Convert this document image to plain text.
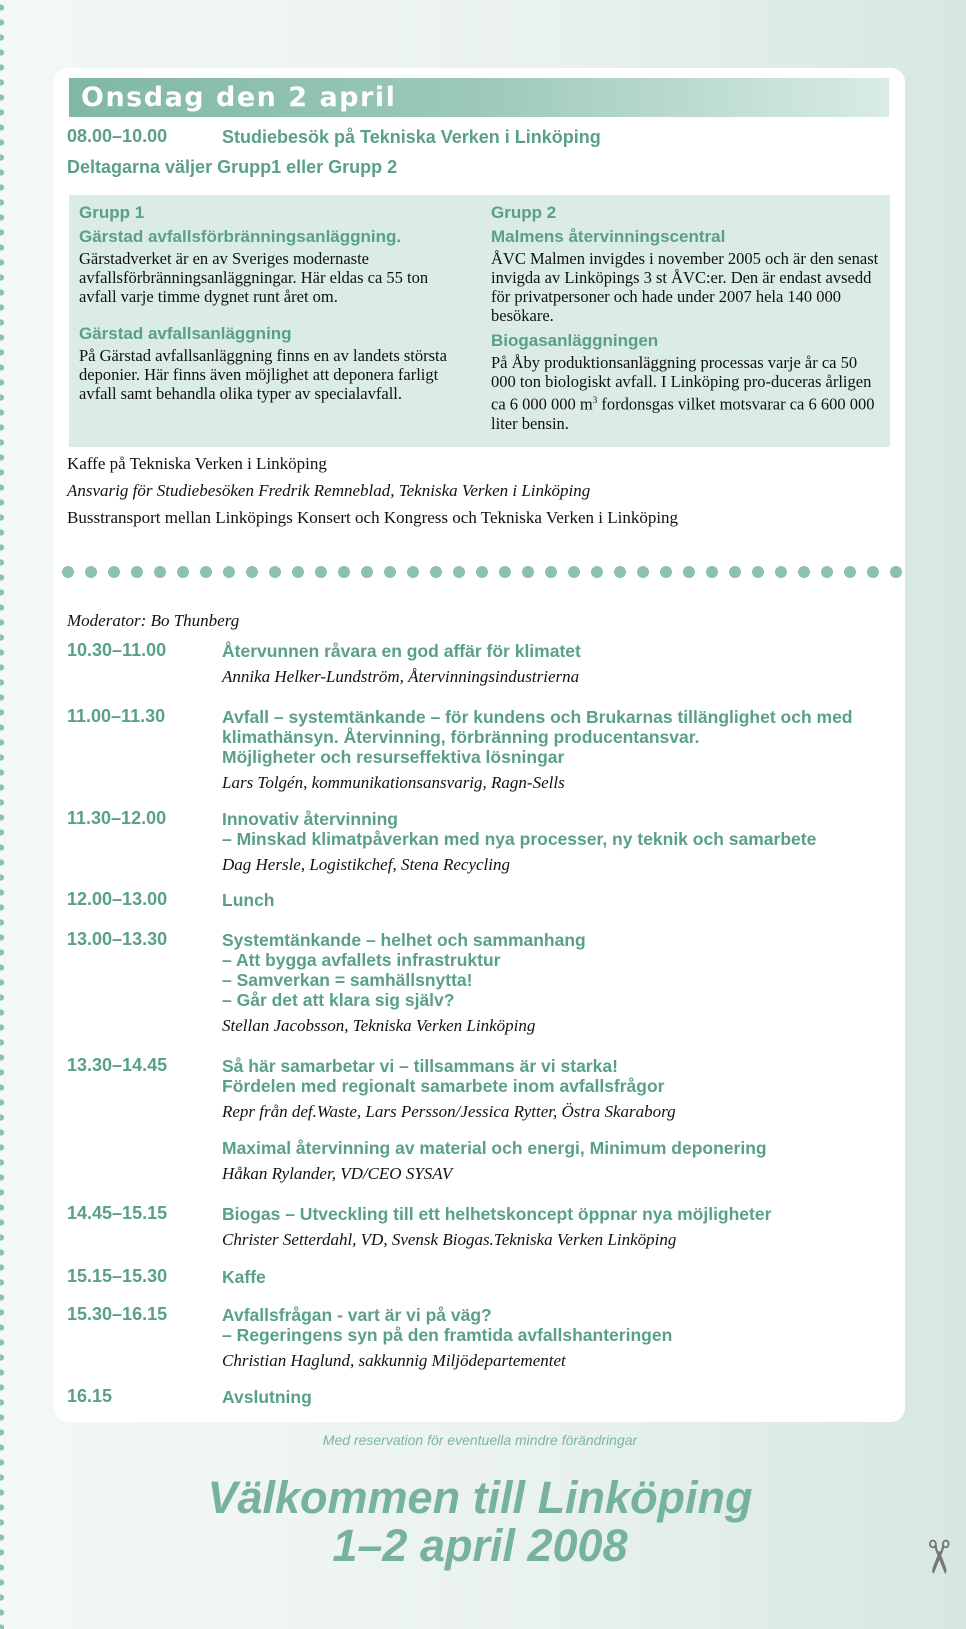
✂
Onsdag den 2 april
08.00–10.00	Studiebesök på Tekniska Verken i Linköping
Deltagarna väljer Grupp1 eller Grupp 2
Grupp 1
Gärstad avfallsförbränningsanläggning.
Gärstadverket är en av Sveriges modernaste avfallsförbränningsanläggningar. Här eldas ca 55 ton avfall varje timme dygnet runt året om.
Gärstad avfallsanläggning
På Gärstad avfallsanläggning finns en av landets största deponier. Här finns även möjlighet att deponera farligt avfall samt behandla olika typer av specialavfall.
Grupp 2
Malmens återvinningscentral
ÅVC Malmen invigdes i november 2005 och är den senast invigda av Linköpings 3 st ÅVC:er. Den är endast avsedd för privatpersoner och hade under 2007 hela 140 000 besökare.
Biogasanläggningen
På Åby produktionsanläggning processas varje år ca 50 000 ton biologiskt avfall. I Linköping pro-duceras årligen ca 6 000 000 $m^3$ fordonsgas vilket motsvarar ca 6 600 000 liter bensin.
Kaffe på Tekniska Verken i Linköping
Ansvarig för Studiebesöken Fredrik Remneblad, Tekniska Verken i Linköping
Busstransport mellan Linköpings Konsert och Kongress och Tekniska Verken i Linköping
Moderator: Bo Thunberg
10.30–11.00	Återvunnen råvara en god affär för klimatet
Annika Helker-Lundström, Återvinningsindustrierna
11.00–11.30	Avfall – systemtänkande – för kundens och Brukarnas tillänglighet och med klimathänsyn. Återvinning, förbränning producentansvar.
Möjligheter och resurseffektiva lösningar
Lars Tolgén, kommunikationsansvarig, Ragn-Sells
11.30–12.00	Innovativ återvinning
– Minskad klimatpåverkan med nya processer, ny teknik och samarbete
Dag Hersle, Logistikchef, Stena Recycling
12.00–13.00	Lunch
13.00–13.30	Systemtänkande – helhet och sammanhang
– Att bygga avfallets infrastruktur
– Samverkan = samhällsnytta!
– Går det att klara sig själv?
Stellan Jacobsson, Tekniska Verken Linköping
13.30–14.45	Så här samarbetar vi – tillsammans är vi starka!
Fördelen med regionalt samarbete inom avfallsfrågor
Repr från def.Waste, Lars Persson/Jessica Rytter, Östra Skaraborg
Maximal återvinning av material och energi, Minimum deponering
Håkan Rylander, VD/CEO SYSAV
14.45–15.15	Biogas – Utveckling till ett helhetskoncept öppnar nya möjligheter
Christer Setterdahl, VD, Svensk Biogas.Tekniska Verken Linköping
15.15–15.30	Kaffe
15.30–16.15	Avfallsfrågan - vart är vi på väg?
– Regeringens syn på den framtida avfallshanteringen
Christian Haglund, sakkunnig Miljödepartementet
16.15	Avslutning
Med reservation för eventuella mindre förändringar
Välkommen till Linköping
1–2 april 2008
